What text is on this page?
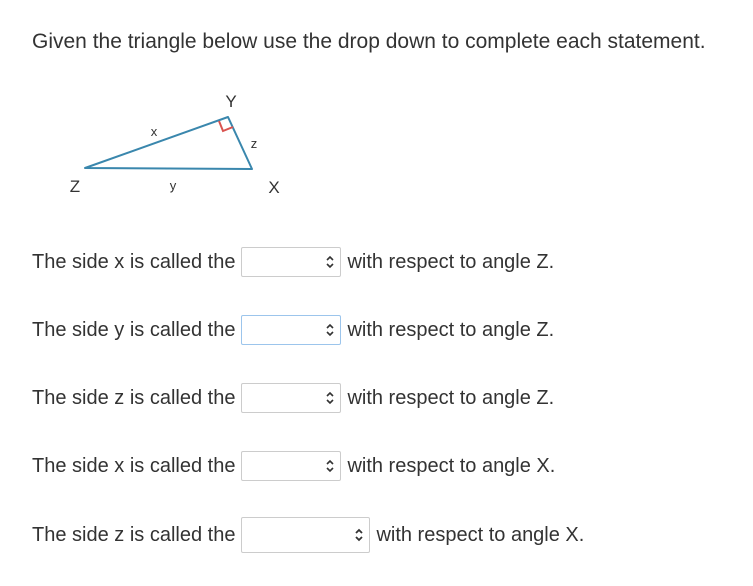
Given the triangle below use the drop down to complete each statement.
Y
Z	X
x
z
y
The side x is called the	with respect to angle Z.
The side y is called the	with respect to angle Z.
The side z is called the	with respect to angle Z.
The side x is called the	with respect to angle X.
The side z is called the	with respect to angle X.
